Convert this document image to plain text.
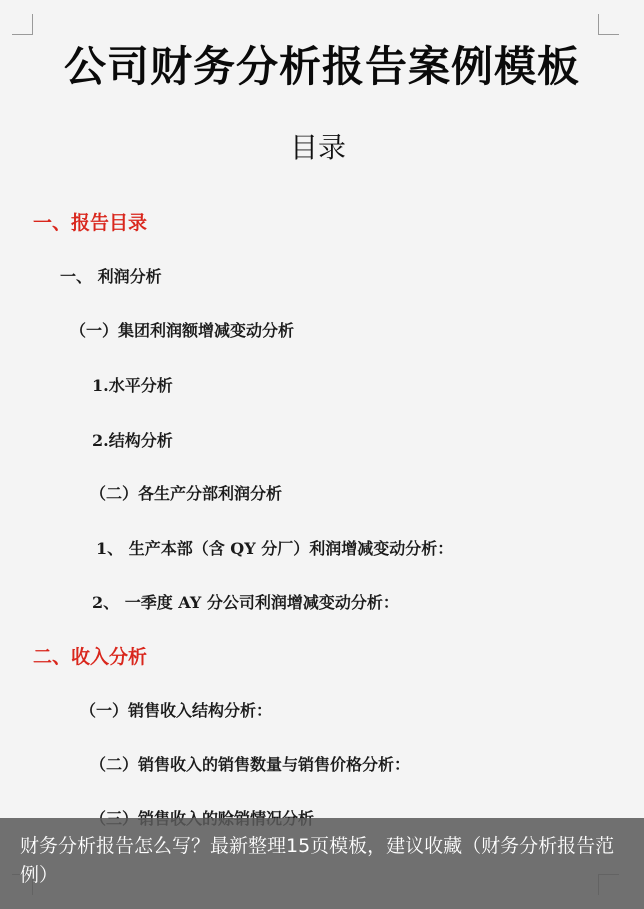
公司财务分析报告案例模板
目录
一、报告目录
一、 利润分析
（一）集团利润额增减变动分析
1.水平分析
2.结构分析
（二）各生产分部利润分析
1、 生产本部（含 QY 分厂）利润增减变动分析：
2、 一季度 AY 分公司利润增减变动分析：
二、收入分析
（一）销售收入结构分析：
（二）销售收入的销售数量与销售价格分析：
财务分析报告怎么写？最新整理15页模板，建议收藏（财务分析报告范例）
